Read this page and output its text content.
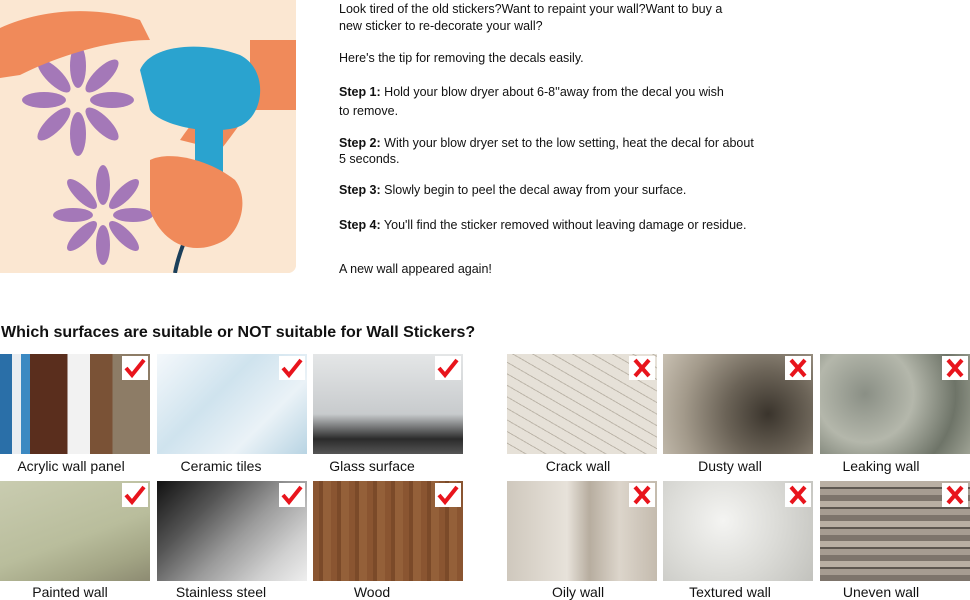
Look tired of the old stickers?Want to repaint your wall?Want to buy a

new sticker to re-decorate your wall?

Here's the tip for removing the decals easily.

Step 1: Hold your blow dryer about 6-8''away from the decal you wish

to remove.

Step 2: With your blow dryer set to the low setting, heat the decal for about

5 seconds.

Step 3: Slowly begin to peel the decal away from your surface.

Step 4: You'll find the sticker removed without leaving damage or residue.

A new wall appeared again!

Which surfaces are suitable or NOT suitable for Wall Stickers?
Acrylic wall panel	Ceramic tiles	Glass surface
Painted wall	Stainless steel	Wood
Crack wall	Dusty wall	Leaking wall
Oily wall	Textured wall	Uneven wall
